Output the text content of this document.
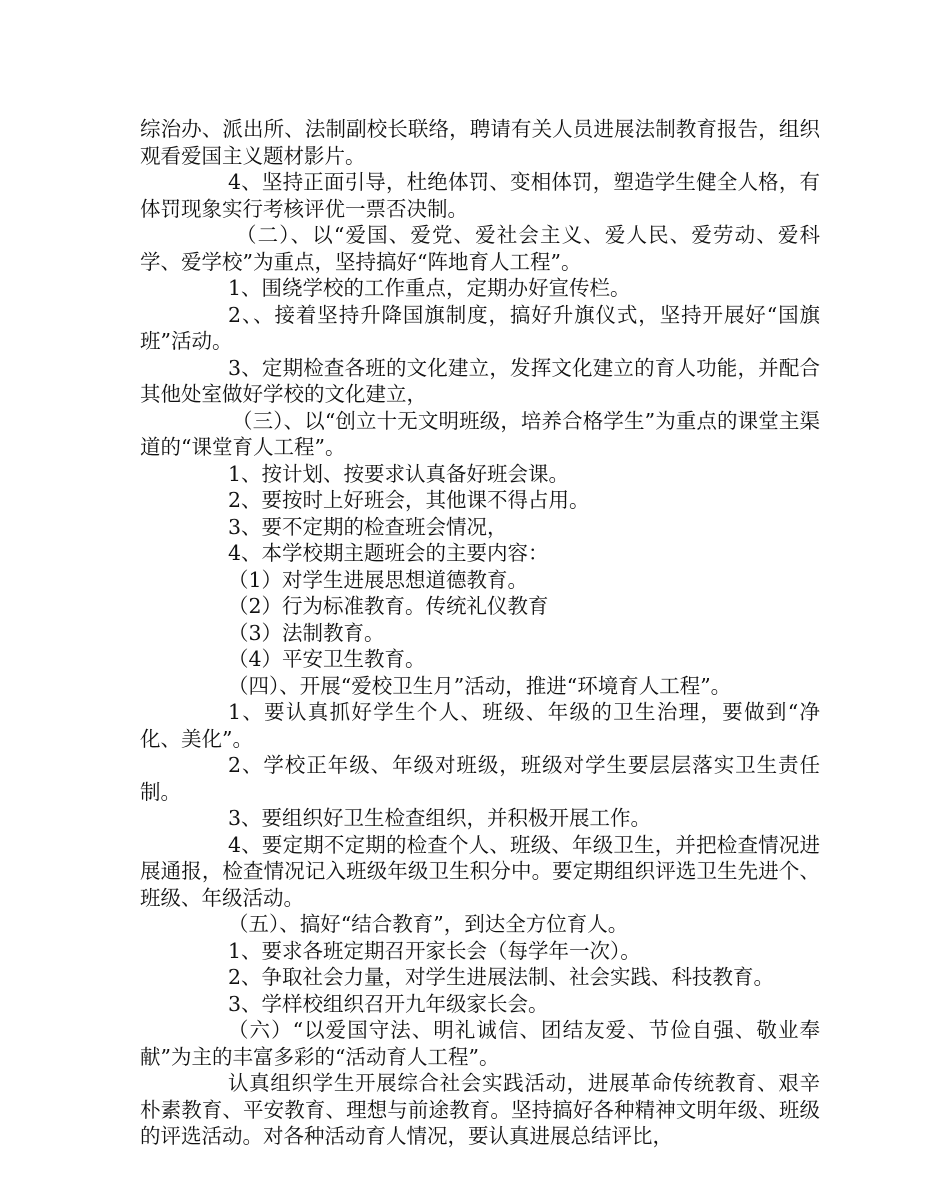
综治办、派出所、法制副校长联络，聘请有关人员进展法制教育报告，组织观看爱国主义题材影片。

4、坚持正面引导，杜绝体罚、变相体罚，塑造学生健全人格，有体罚现象实行考核评优一票否决制。

（二）、以“爱国、爱党、爱社会主义、爱人民、爱劳动、爱科学、爱学校”为重点，坚持搞好“阵地育人工程”。

1、围绕学校的工作重点，定期办好宣传栏。

2、、接着坚持升降国旗制度，搞好升旗仪式，坚持开展好“国旗班”活动。

3、定期检查各班的文化建立，发挥文化建立的育人功能，并配合其他处室做好学校的文化建立，

（三）、以“创立十无文明班级，培养合格学生”为重点的课堂主渠道的“课堂育人工程”。

1、按计划、按要求认真备好班会课。

2、要按时上好班会，其他课不得占用。

3、要不定期的检查班会情况，

4、本学校期主题班会的主要内容：

（1）对学生进展思想道德教育。

（2）行为标准教育。传统礼仪教育

（3）法制教育。

（4）平安卫生教育。

（四）、开展“爱校卫生月”活动，推进“环境育人工程”。

1、要认真抓好学生个人、班级、年级的卫生治理，要做到“净化、美化”。

2、学校正年级、年级对班级，班级对学生要层层落实卫生责任制。

3、要组织好卫生检查组织，并积极开展工作。

4、要定期不定期的检查个人、班级、年级卫生，并把检查情况进展通报，检查情况记入班级年级卫生积分中。要定期组织评选卫生先进个、班级、年级活动。

（五）、搞好“结合教育”，到达全方位育人。

1、要求各班定期召开家长会（每学年一次）。

2、争取社会力量，对学生进展法制、社会实践、科技教育。

3、学样校组织召开九年级家长会。

（六）“以爱国守法、明礼诚信、团结友爱、节俭自强、敬业奉献”为主的丰富多彩的“活动育人工程”。

认真组织学生开展综合社会实践活动，进展革命传统教育、艰辛朴素教育、平安教育、理想与前途教育。坚持搞好各种精神文明年级、班级的评选活动。对各种活动育人情况，要认真进展总结评比，
